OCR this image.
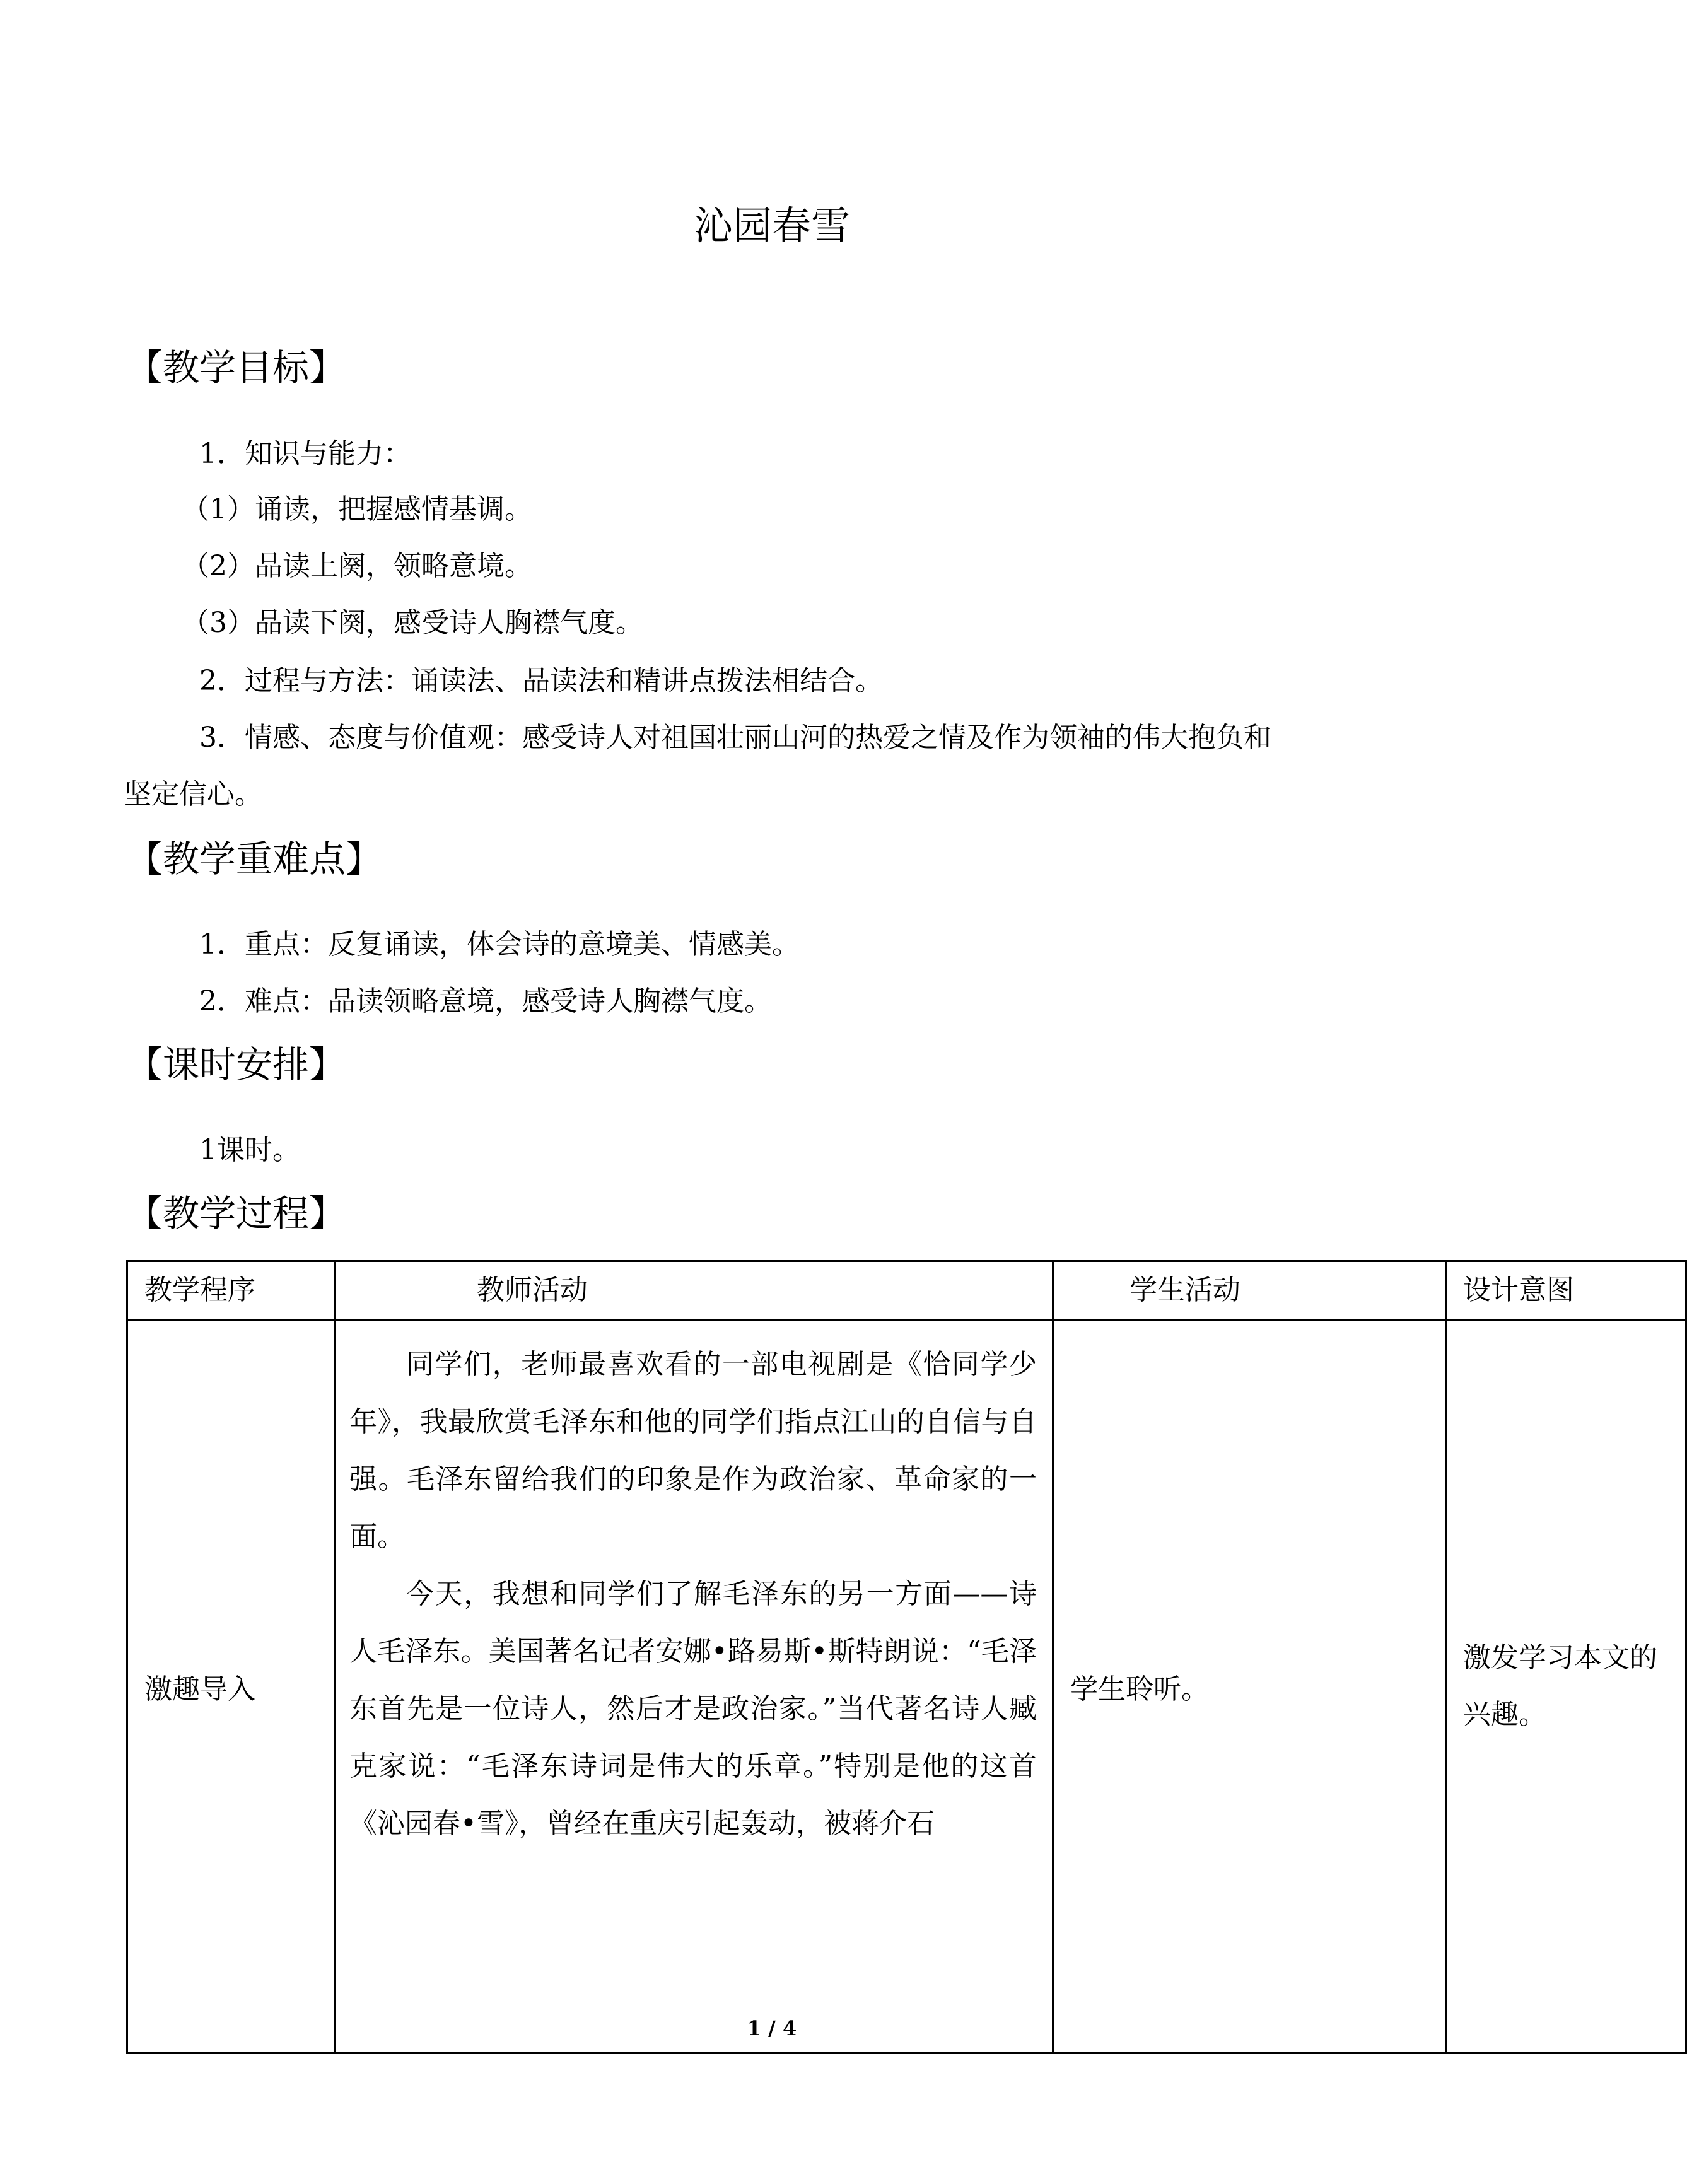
沁园春雪
【教学目标】
1．知识与能力：
（1）诵读，把握感情基调。
（2）品读上阕，领略意境。
（3）品读下阕，感受诗人胸襟气度。
2．过程与方法：诵读法、品读法和精讲点拨法相结合。
3．情感、态度与价值观：感受诗人对祖国壮丽山河的热爱之情及作为领袖的伟大抱负和
坚定信心。
【教学重难点】
1．重点：反复诵读，体会诗的意境美、情感美。
2．难点：品读领略意境，感受诗人胸襟气度。
【课时安排】
1课时。
【教学过程】
教学程序	教师活动	学生活动	设计意图

激趣导入	同学们，老师最喜欢看的一部电视剧是《恰同学少年》，我最欣赏毛泽东和他的同学们指点江山的自信与自强。毛泽东留给我们的印象是作为政治家、革命家的一面。

今天，我想和同学们了解毛泽东的另一方面——诗人毛泽东。美国著名记者安娜•路易斯•斯特朗说：“毛泽东首先是一位诗人，然后才是政治家。”当代著名诗人臧克家说：“毛泽东诗词是伟大的乐章。”特别是他的这首《沁园春•雪》，曾经在重庆引起轰动，被蒋介石	学生聆听。	激发学习本文的兴趣。
1 / 4
